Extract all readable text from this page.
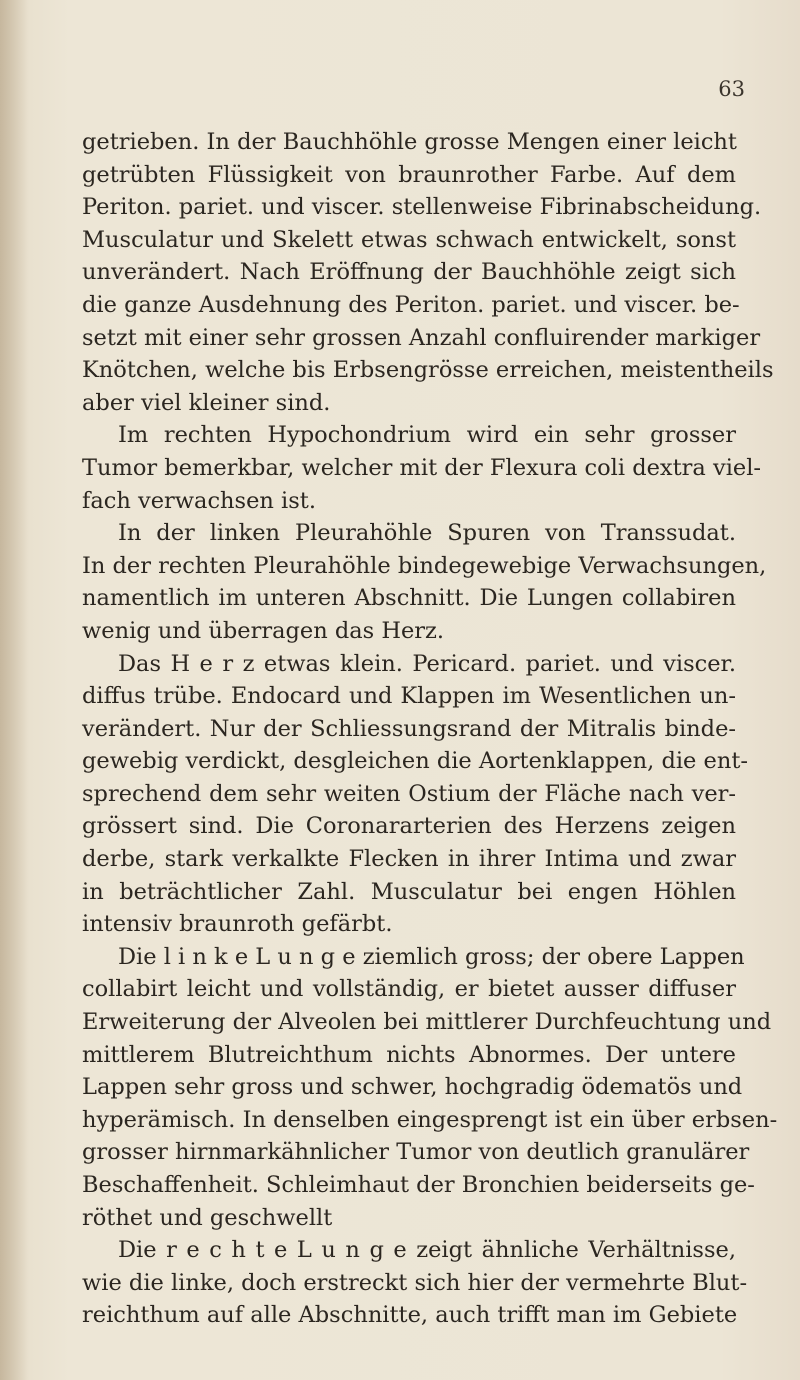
63
getrieben. In der Bauchhöhle grosse Mengen einer leicht
getrübten Flüssigkeit von braunrother Farbe. Auf dem
Periton. pariet. und viscer. stellenweise Fibrinabscheidung.
Musculatur und Skelett etwas schwach entwickelt, sonst
unverändert. Nach Eröffnung der Bauchhöhle zeigt sich
die ganze Ausdehnung des Periton. pariet. und viscer. be-
setzt mit einer sehr grossen Anzahl confluirender markiger
Knötchen, welche bis Erbsengrösse erreichen, meistentheils
aber viel kleiner sind.
Im rechten Hypochondrium wird ein sehr grosser
Tumor bemerkbar, welcher mit der Flexura coli dextra viel-
fach verwachsen ist.
In der linken Pleurahöhle Spuren von Transsudat.
In der rechten Pleurahöhle bindegewebige Verwachsungen,
namentlich im unteren Abschnitt. Die Lungen collabiren
wenig und überragen das Herz.
Das H e r z etwas klein. Pericard. pariet. und viscer.
diffus trübe. Endocard und Klappen im Wesentlichen un-
verändert. Nur der Schliessungsrand der Mitralis binde-
gewebig verdickt, desgleichen die Aortenklappen, die ent-
sprechend dem sehr weiten Ostium der Fläche nach ver-
grössert sind. Die Coronararterien des Herzens zeigen
derbe, stark verkalkte Flecken in ihrer Intima und zwar
in beträchtlicher Zahl. Musculatur bei engen Höhlen
intensiv braunroth gefärbt.
Die l i n k e L u n g e ziemlich gross; der obere Lappen
collabirt leicht und vollständig, er bietet ausser diffuser
Erweiterung der Alveolen bei mittlerer Durchfeuchtung und
mittlerem Blutreichthum nichts Abnormes. Der untere
Lappen sehr gross und schwer, hochgradig ödematös und
hyperämisch. In denselben eingesprengt ist ein über erbsen-
grosser hirnmarkähnlicher Tumor von deutlich granulärer
Beschaffenheit. Schleimhaut der Bronchien beiderseits ge-
röthet und geschwellt
Die r e c h t e L u n g e zeigt ähnliche Verhältnisse,
wie die linke, doch erstreckt sich hier der vermehrte Blut-
reichthum auf alle Abschnitte, auch trifft man im Gebiete
